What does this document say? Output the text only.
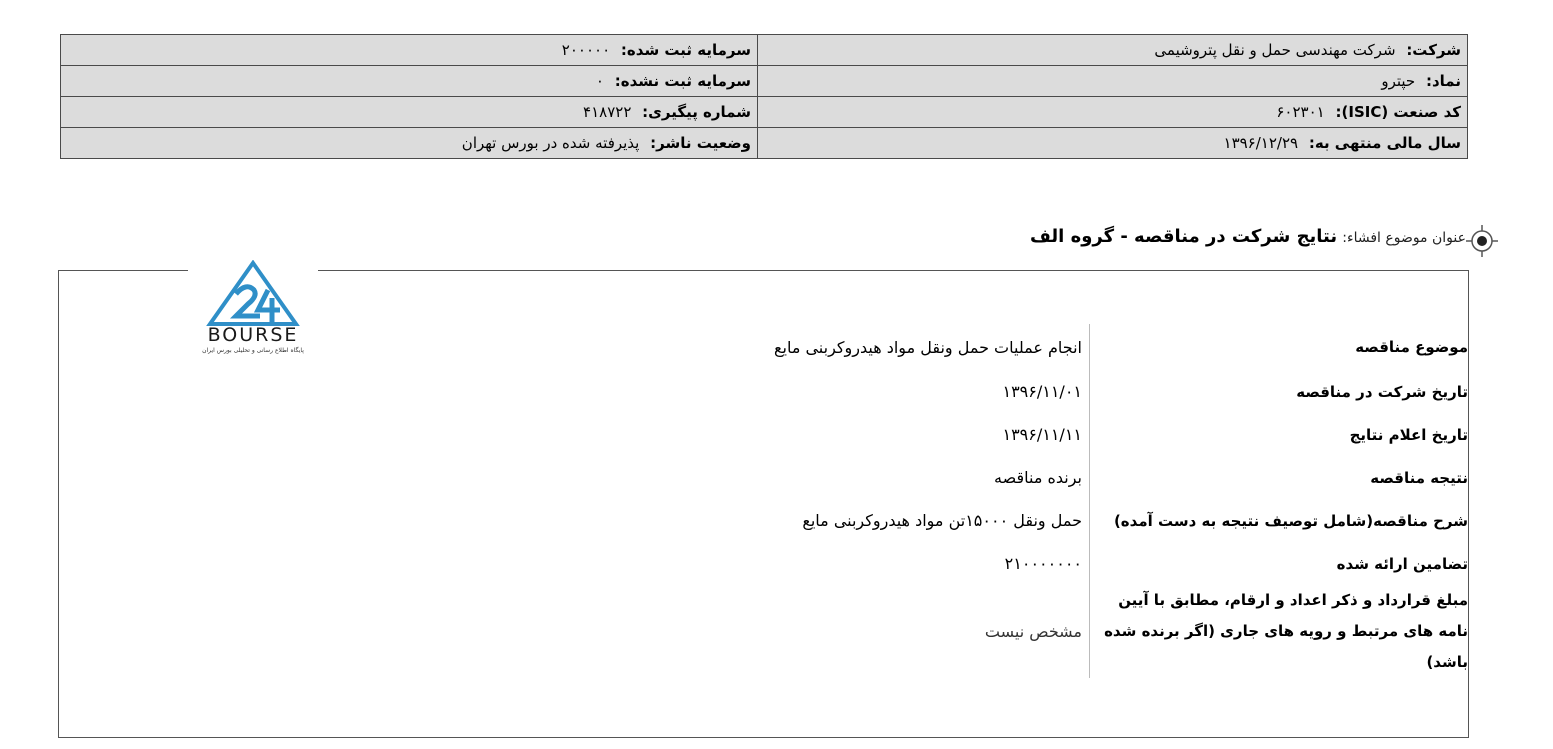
شرکت: شرکت مهندسی حمل و نقل پتروشیمی	سرمایه ثبت شده: ۲۰۰۰۰۰
نماد: حپترو	سرمایه ثبت نشده: ۰
کد صنعت (ISIC): ۶۰۲۳۰۱	شماره پیگیری: ۴۱۸۷۲۲
سال مالی منتهی به: ۱۳۹۶/۱۲/۲۹	وضعیت ناشر: پذیرفته شده در بورس تهران
عنوان موضوع افشاء: نتایج شرکت در مناقصه - گروه الف
BOURSE
پایگاه اطلاع رسانی و تحلیلی بورس ایران	موضوع مناقصه	انجام عملیات حمل ونقل مواد هیدروکربنی مایع
تاریخ شرکت در مناقصه	۱۳۹۶/۱۱/۰۱
تاریخ اعلام نتایج	۱۳۹۶/۱۱/۱۱
نتیجه مناقصه	برنده مناقصه
شرح مناقصه(شامل توصیف نتیجه به دست آمده)	حمل ونقل ۱۵۰۰۰تن مواد هیدروکربنی مایع
تضامین ارائه شده	۲۱۰۰۰۰۰۰۰
مبلغ قرارداد و ذکر اعداد و ارقام، مطابق با آیین نامه های مرتبط و رویه های جاری (اگر برنده شده باشد)	مشخص نیست
